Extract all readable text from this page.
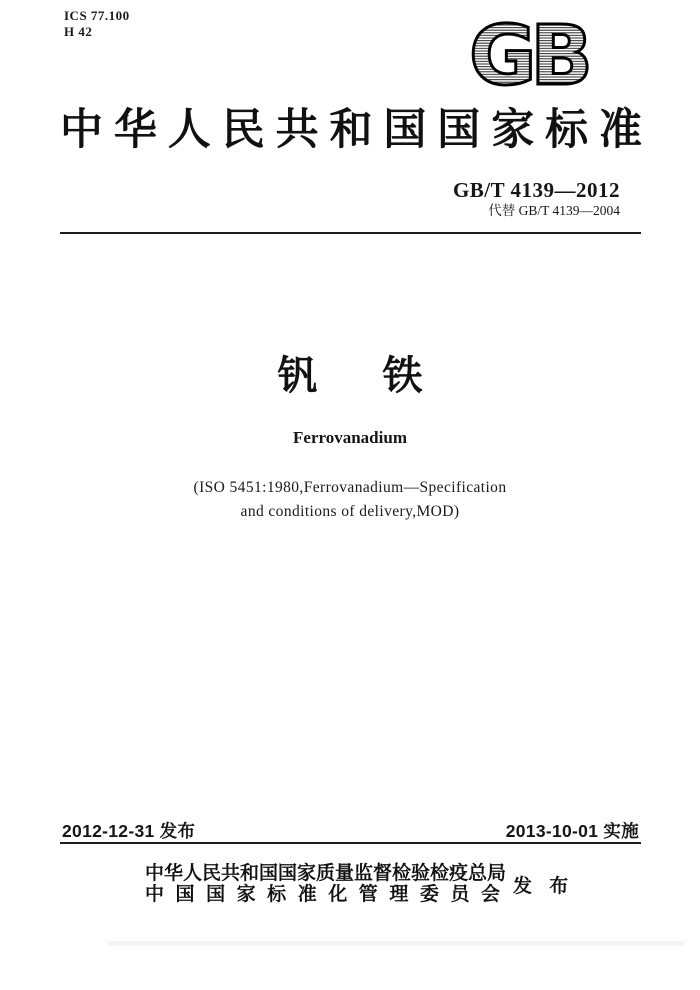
ICS 77.100
H 42	GB
中华人民共和国国家标准
GB/T 4139—2012
代替 GB/T 4139—2004
钒 铁
Ferrovanadium
(ISO 5451:1980,Ferrovanadium—Specification
and conditions of delivery,MOD)
2012-12-31 发布	2013-10-01 实施
中华人民共和国国家质量监督检验检疫总局
中国国家标准化管理委员会 发 布
